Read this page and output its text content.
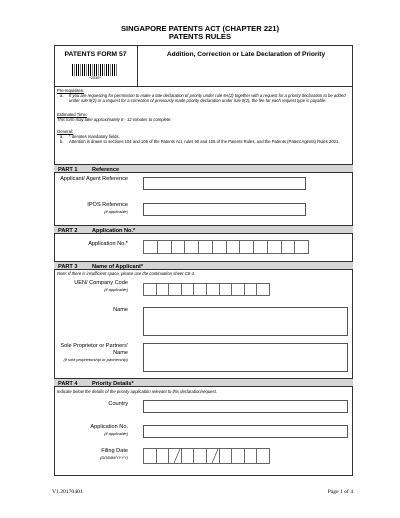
SINGAPORE PATENTS ACT (CHAPTER 221)
PATENTS RULES
PATENTS FORM 57
*2030*
Addition, Correction or Late Declaration of Priority
Pre-requisites:
a. If you are requesting for permission to make a late declaration of priority under rule 9A(2) together with a request for a priority declaration to be added under rule 9(2) or a request for a correction of previously made priority declaration under rule 9(2), the fee for each request type is payable.
Estimated Time:
This form may take approximately 8 - 12 minutes to complete.
General:
a. * denotes mandatory fields.
b. Attention is drawn to sections 104 and 105 of the Patents Act, rules 90 and 105 of the Patents Rules, and the Patents (Patent Agents) Rules 2021.
PART 1	Reference
Applicant/ Agent Reference
IPOS Reference
(if applicable)
PART 2	Application No.*
Application No.*
PART 3	Name of Applicant*
Note: If there is insufficient space, please use the continuation sheet CS 4.
UEN/ Company Code
(if applicable)
Name
Sole Proprietor or Partners' Name
(if sole proprietorship or partnership)
PART 4	Priority Details*
Indicate below the details of the priority application relevant to this declaration/request.
Country
Application No.
(if applicable)
Filing Date
(DD/MM/YYYY)
V1.20170401	Page 1 of 4
